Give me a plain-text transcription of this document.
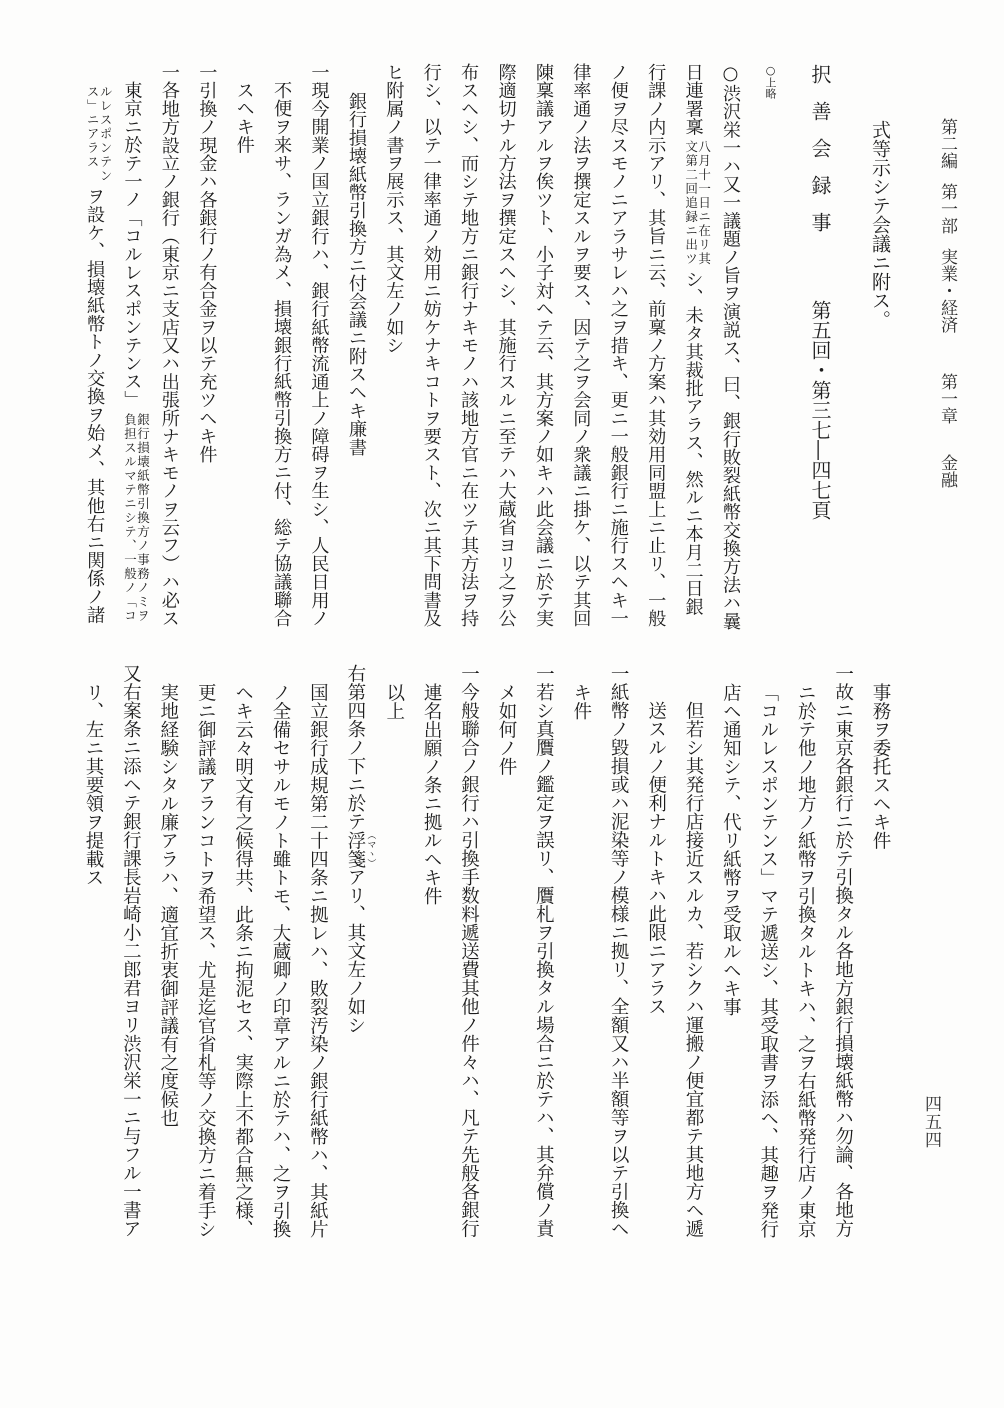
第二編第一部実業・経済第一章金融
四五四
式等示シテ会議ニ附ス。
択善会録事第五回・第三七―四七頁
○上略
○渋沢栄一ハ又一議題ノ旨ヲ演説ス、曰、銀行敗裂紙幣交換方法ハ曩
日連署稟
八月十一日ニ在リ其
文第二回追録ニ出ツ
シ、未タ其裁批アラス、然ルニ本月二日銀
行課ノ内示アリ、其旨ニ云、前稟ノ方案ハ其効用同盟上ニ止リ、一般
ノ便ヲ尽スモノニアラサレハ之ヲ措キ、更ニ一般銀行ニ施行スヘキ一
律率通ノ法ヲ撰定スルヲ要ス、因テ之ヲ会同ノ衆議ニ掛ケ、以テ其回
陳稟議アルヲ俟ツト、小子対ヘテ云、其方案ノ如キハ此会議ニ於テ実
際適切ナル方法ヲ撰定スヘシ、其施行スルニ至テハ大蔵省ヨリ之ヲ公
布スヘシ、而シテ地方ニ銀行ナキモノハ該地方官ニ在ツテ其方法ヲ持
行シ、以テ一律率通ノ効用ニ妨ケナキコトヲ要スト、次ニ其下問書及
ヒ附属ノ書ヲ展示ス、其文左ノ如シ
銀行損壊紙幣引換方ニ付会議ニ附スヘキ廉書
一現今開業ノ国立銀行ハ、銀行紙幣流通上ノ障碍ヲ生シ、人民日用ノ
不便ヲ来サ、ランガ為メ、損壊銀行紙幣引換方ニ付、総テ協議聯合
スヘキ件
一引換ノ現金ハ各銀行ノ有合金ヲ以テ充ツヘキ件
一各地方設立ノ銀行（東京ニ支店又ハ出張所ナキモノヲ云フ）ハ必ス
東京ニ於テ一ノ「コルレスポンテンス」
銀行損壊紙幣引換方ノ事務ノミヲ
負担スルマテニシテ、一般ノ「コ
ルレスポンテン
ス」ニアラス
ヲ設ケ、損壊紙幣トノ交換ヲ始メ、其他右ニ関係ノ諸
事務ヲ委托スヘキ件
一故ニ東京各銀行ニ於テ引換タル各地方銀行損壊紙幣ハ勿論、各地方
ニ於テ他ノ地方ノ紙幣ヲ引換タルトキハ、之ヲ右紙幣発行店ノ東京
「コルレスポンテンス」マテ遞送シ、其受取書ヲ添ヘ、其趣ヲ発行
店ヘ通知シテ、代リ紙幣ヲ受取ルヘキ事
但若シ其発行店接近スルカ、若シクハ運搬ノ便宜都テ其地方ヘ遞
送スルノ便利ナルトキハ此限ニアラス
一紙幣ノ毀損或ハ泥染等ノ模様ニ拠リ、全額又ハ半額等ヲ以テ引換ヘ
キ件
一若シ真贋ノ鑑定ヲ誤リ、贋札ヲ引換タル場合ニ於テハ、其弁償ノ責
メ如何ノ件
一今般聯合ノ銀行ハ引換手数料遞送費其他ノ件々ハ、凡テ先般各銀行
連名出願ノ条ニ拠ルヘキ件
以上
右第四条ノ下ニ於テ浮箋 （マヽ）アリ、其文左ノ如シ
国立銀行成規第二十四条ニ拠レハ、敗裂汚染ノ銀行紙幣ハ、其紙片
ノ全備セサルモノト雖トモ、大蔵卿ノ印章アルニ於テハ、之ヲ引換
ヘキ云々明文有之候得共、此条ニ拘泥セス、実際上不都合無之様、
更ニ御評議アランコトヲ希望ス、尤是迄官省札等ノ交換方ニ着手シ
実地経験シタル廉アラハ、適宜折衷御評議有之度候也
又右案条ニ添ヘテ銀行課長岩崎小二郎君ヨリ渋沢栄一ニ与フル一書ア
リ、左ニ其要領ヲ提載ス
